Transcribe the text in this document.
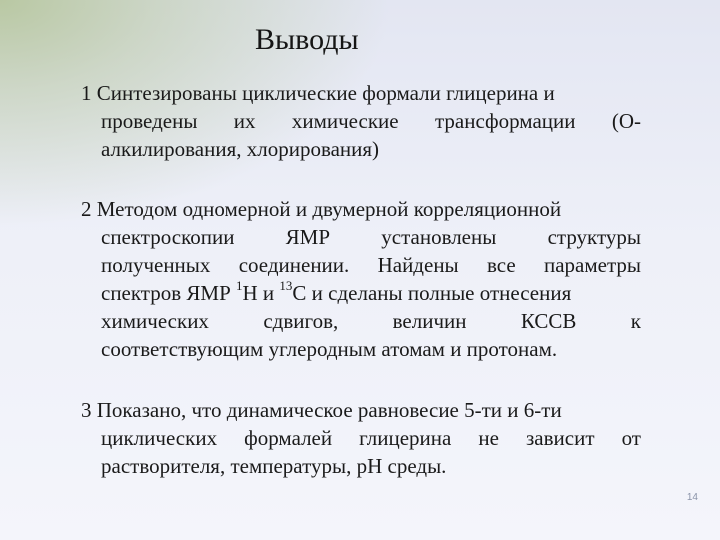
Выводы
1 Синтезированы циклические формали глицерина и
проведены их химические трансформации (О-
алкилирования, хлорирования)
2 Методом одномерной и двумерной корреляционной
спектроскопии ЯМР установлены структуры
полученных соединении. Найдены все параметры
спектров ЯМР $^1$Н и $^{13}$С и сделаны полные отнесения
химических сдвигов, величин КССВ к
соответствующим углеродным атомам и протонам.
3 Показано, что динамическое равновесие 5-ти и 6-ти
циклических формалей глицерина не зависит от
растворителя, температуры, рН среды.
14
